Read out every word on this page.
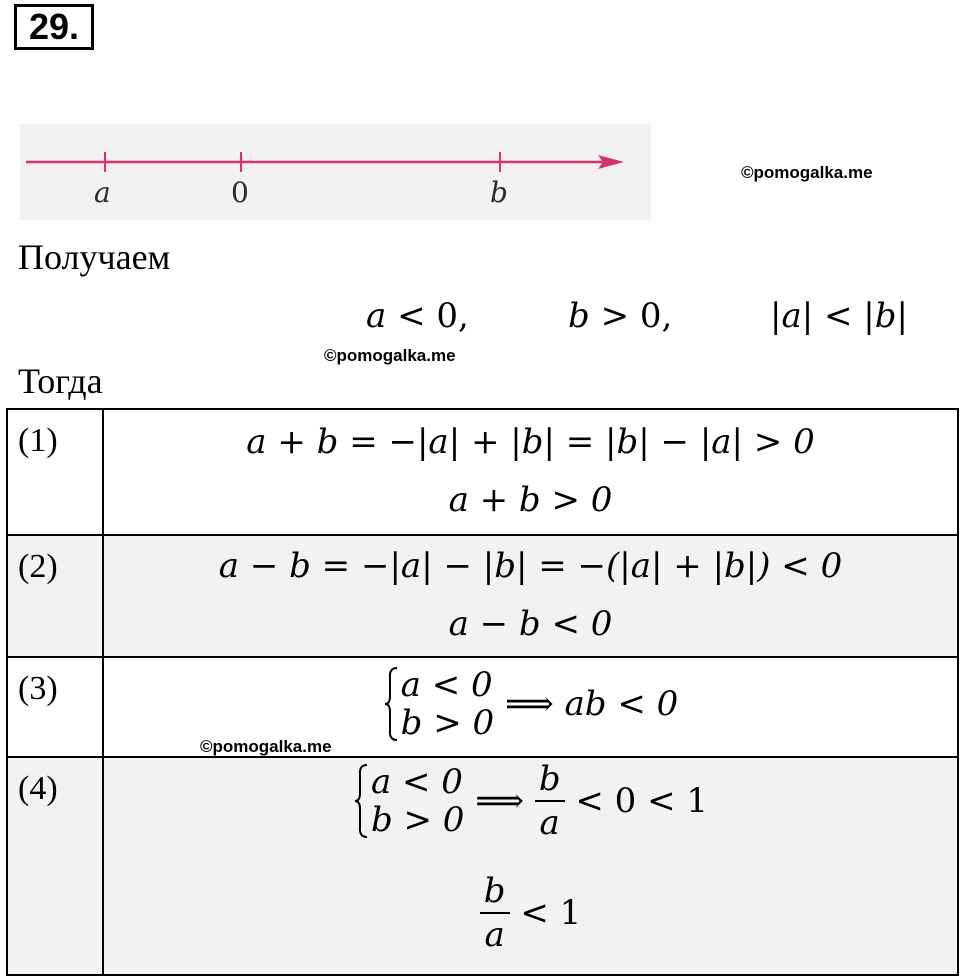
29.
a	0	b
©pomogalka.me
Получаем
a < 0,	b > 0,	|a| < |b|
©pomogalka.me
Тогда
(1)	a + b = −|a| + |b| = |b| − |a| > 0
a + b > 0
(2)	a − b = −|a| − |b| = −(|a| + |b|) < 0
a − b < 0
(3)	a < 0
b > 0 ⟹ ab < 0
(4)	a < 0
b > 0 ⟹ $\frac{b}{a} < 0 < 1$
$\frac{b}{a} < 1$
©pomogalka.me
